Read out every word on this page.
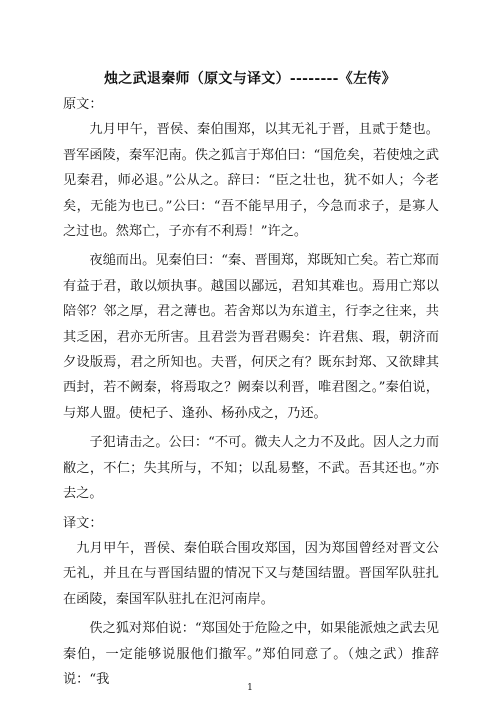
烛之武退秦师（原文与译文）--------《左传》

原文：

九月甲午，晋侯、秦伯围郑，以其无礼于晋，且贰于楚也。晋军函陵，秦军氾南。佚之狐言于郑伯曰：“国危矣，若使烛之武见秦君，师必退。”公从之。辞曰：“臣之壮也，犹不如人；今老矣，无能为也已。”公曰：“吾不能早用子，今急而求子，是寡人之过也。然郑亡，子亦有不利焉！”许之。

夜缒而出。见秦伯曰：“秦、晋围郑，郑既知亡矣。若亡郑而有益于君，敢以烦执事。越国以鄙远，君知其难也。焉用亡郑以陪邻？邻之厚，君之薄也。若舍郑以为东道主，行李之往来，共其乏困，君亦无所害。且君尝为晋君赐矣：许君焦、瑕，朝济而夕设版焉，君之所知也。夫晋，何厌之有？既东封郑、又欲肆其西封，若不阙秦，将焉取之？阙秦以利晋，唯君图之。”秦伯说，与郑人盟。使杞子、逢孙、杨孙戍之，乃还。

子犯请击之。公曰：“不可。微夫人之力不及此。因人之力而敝之，不仁；失其所与，不知；以乱易整，不武。吾其还也。”亦去之。

译文：

九月甲午，晋侯、秦伯联合围攻郑国，因为郑国曾经对晋文公无礼，并且在与晋国结盟的情况下又与楚国结盟。晋国军队驻扎在函陵，秦国军队驻扎在氾河南岸。

佚之狐对郑伯说：“郑国处于危险之中，如果能派烛之武去见秦伯，一定能够说服他们撤军。”郑伯同意了。（烛之武）推辞说：“我

1
